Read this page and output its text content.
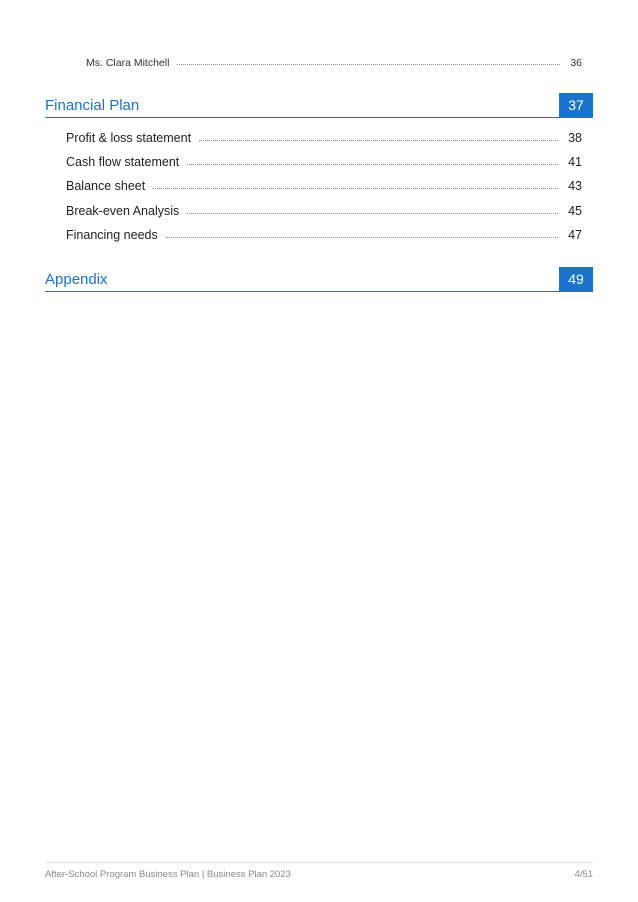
Ms. Clara Mitchell	36
Financial Plan	37
Profit & loss statement	38
Cash flow statement	41
Balance sheet	43
Break-even Analysis	45
Financing needs	47
Appendix	49
After-School Program Business Plan | Business Plan 2023	4/51
